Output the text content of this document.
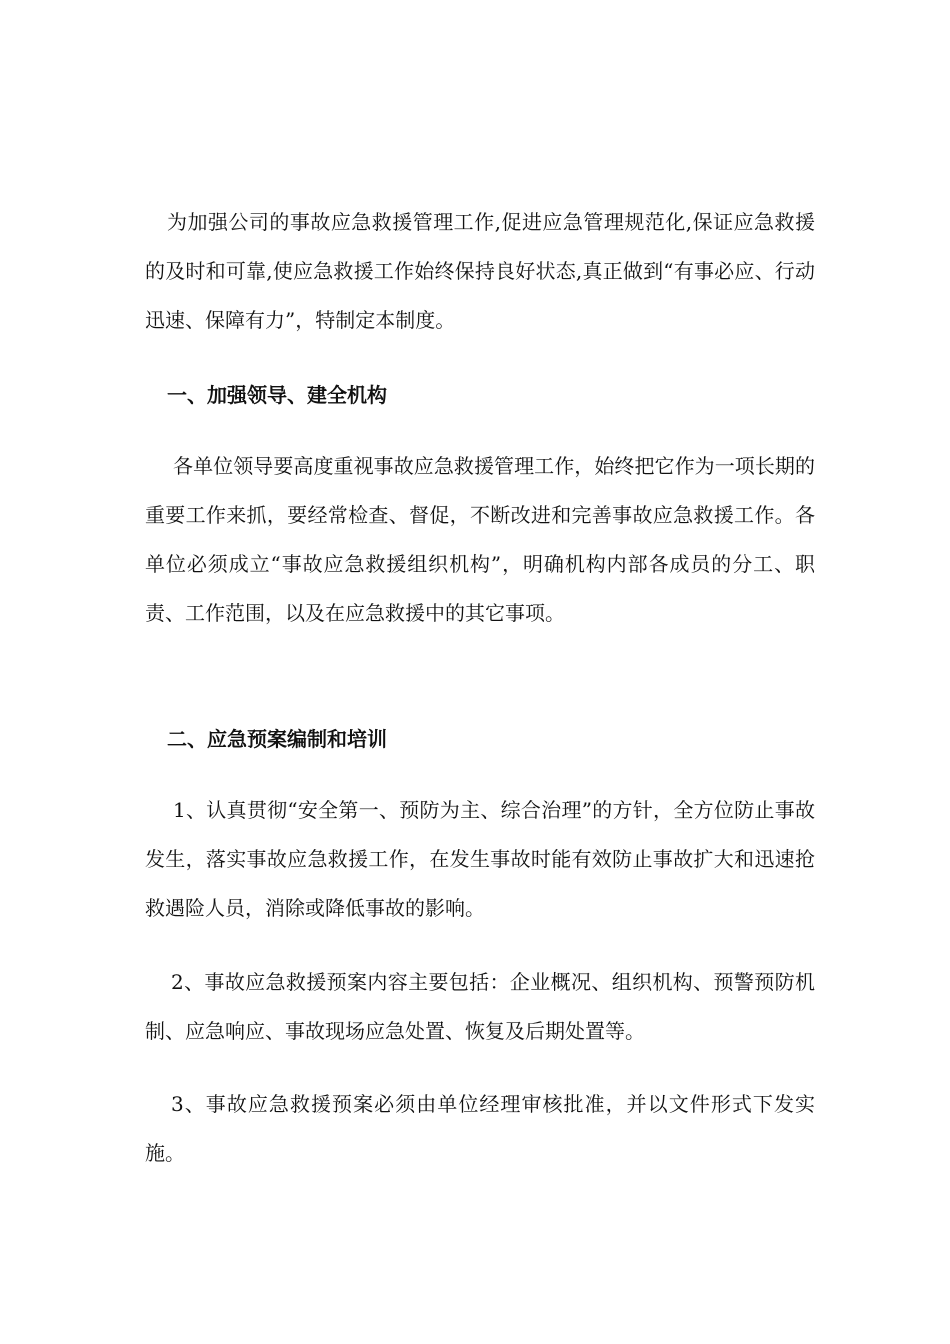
为加强公司的事故应急救援管理工作,促进应急管理规范化,保证应急救援的及时和可靠,使应急救援工作始终保持良好状态,真正做到“有事必应、行动迅速、保障有力”，特制定本制度。
一、加强领导、建全机构
各单位领导要高度重视事故应急救援管理工作，始终把它作为一项长期的重要工作来抓，要经常检查、督促，不断改进和完善事故应急救援工作。各单位必须成立“事故应急救援组织机构”，明确机构内部各成员的分工、职责、工作范围，以及在应急救援中的其它事项。
二、应急预案编制和培训
1、认真贯彻“安全第一、预防为主、综合治理”的方针，全方位防止事故发生，落实事故应急救援工作，在发生事故时能有效防止事故扩大和迅速抢救遇险人员，消除或降低事故的影响。
2、事故应急救援预案内容主要包括：企业概况、组织机构、预警预防机制、应急响应、事故现场应急处置、恢复及后期处置等。
3、事故应急救援预案必须由单位经理审核批准，并以文件形式下发实施。
